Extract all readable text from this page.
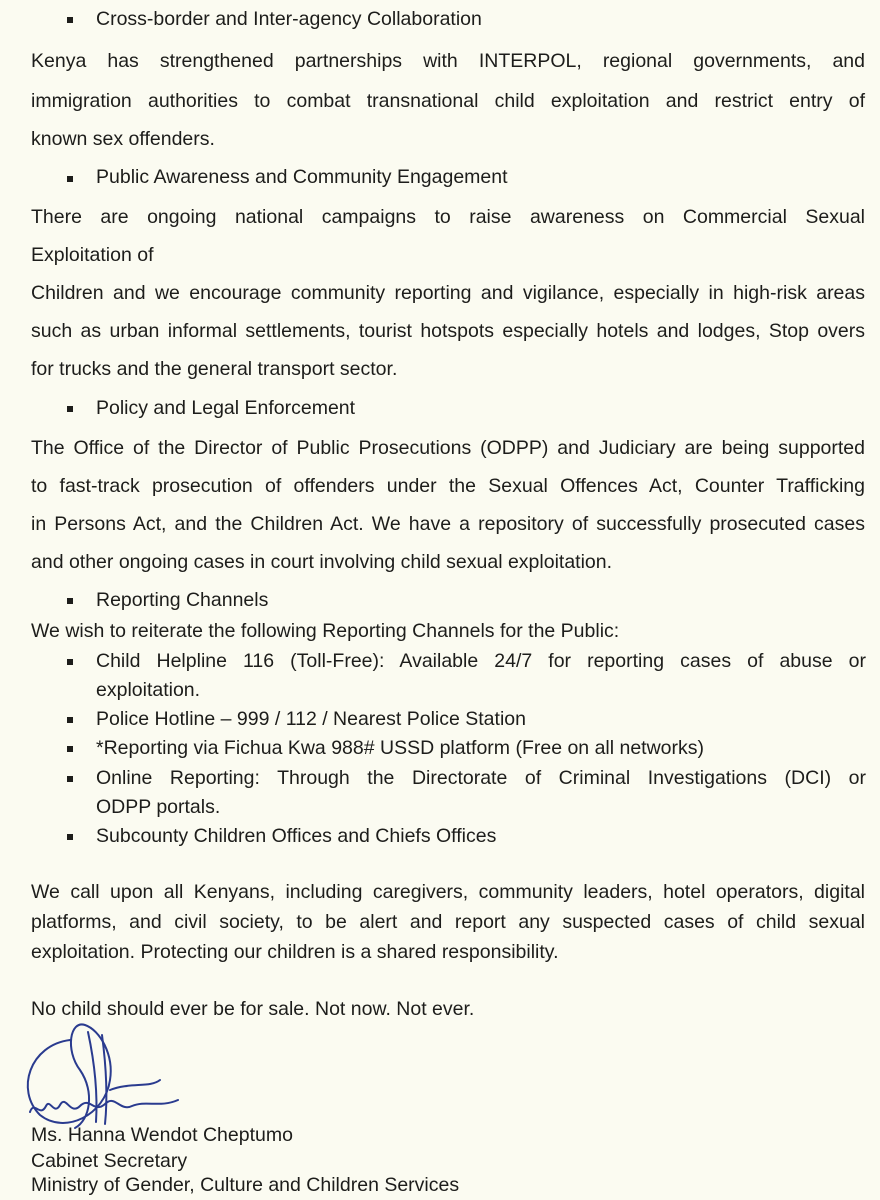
Cross-border and Inter-agency Collaboration
Kenya has strengthened partnerships with INTERPOL, regional governments, and
immigration authorities to combat transnational child exploitation and restrict entry of
known sex offenders.
Public Awareness and Community Engagement
There are ongoing national campaigns to raise awareness on Commercial Sexual
Exploitation of
Children and we encourage community reporting and vigilance, especially in high-risk areas
such as urban informal settlements, tourist hotspots especially hotels and lodges, Stop overs
for trucks and the general transport sector.
Policy and Legal Enforcement
The Office of the Director of Public Prosecutions (ODPP) and Judiciary are being supported
to fast-track prosecution of offenders under the Sexual Offences Act, Counter Trafficking
in Persons Act, and the Children Act. We have a repository of successfully prosecuted cases
and other ongoing cases in court involving child sexual exploitation.
Reporting Channels
We wish to reiterate the following Reporting Channels for the Public:
Child Helpline 116 (Toll-Free): Available 24/7 for reporting cases of abuse or
exploitation.
Police Hotline – 999 / 112 / Nearest Police Station
*Reporting via Fichua Kwa 988# USSD platform (Free on all networks)
Online Reporting: Through the Directorate of Criminal Investigations (DCI) or
ODPP portals.
Subcounty Children Offices and Chiefs Offices
We call upon all Kenyans, including caregivers, community leaders, hotel operators, digital
platforms, and civil society, to be alert and report any suspected cases of child sexual
exploitation. Protecting our children is a shared responsibility.
No child should ever be for sale. Not now. Not ever.
Ms. Hanna Wendot Cheptumo
Cabinet Secretary
Ministry of Gender, Culture and Children Services
